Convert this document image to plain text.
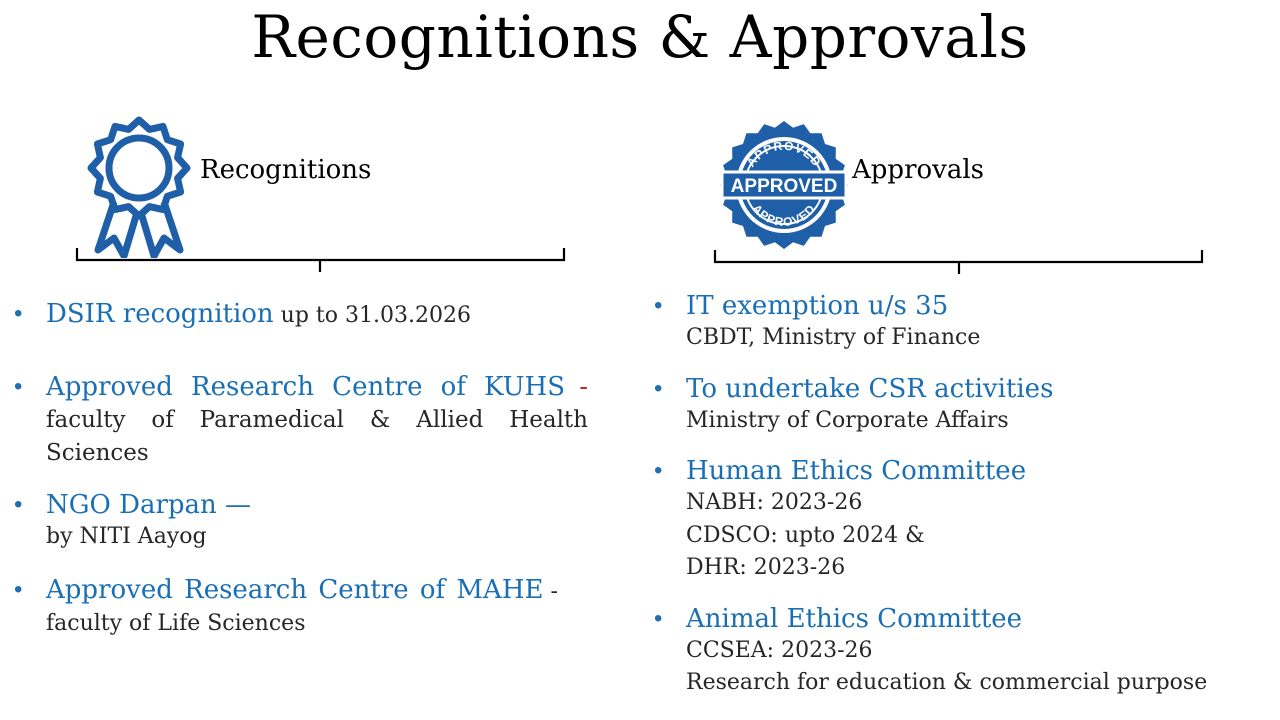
Recognitions & Approvals
Recognitions
APPROVED
APPROVED
APPROVED
Approvals
• DSIR recognition up to 31.03.2026
• Approved Research Centre of KUHS - faculty of Paramedical & Allied Health Sciences
• NGO Darpan —
by NITI Aayog
• Approved Research Centre of MAHE -
faculty of Life Sciences
• IT exemption u/s 35
CBDT, Ministry of Finance
• To undertake CSR activities
Ministry of Corporate Affairs
• Human Ethics Committee
NABH: 2023-26
CDSCO: upto 2024 &
DHR: 2023-26
• Animal Ethics Committee
CCSEA: 2023-26
Research for education & commercial purpose
